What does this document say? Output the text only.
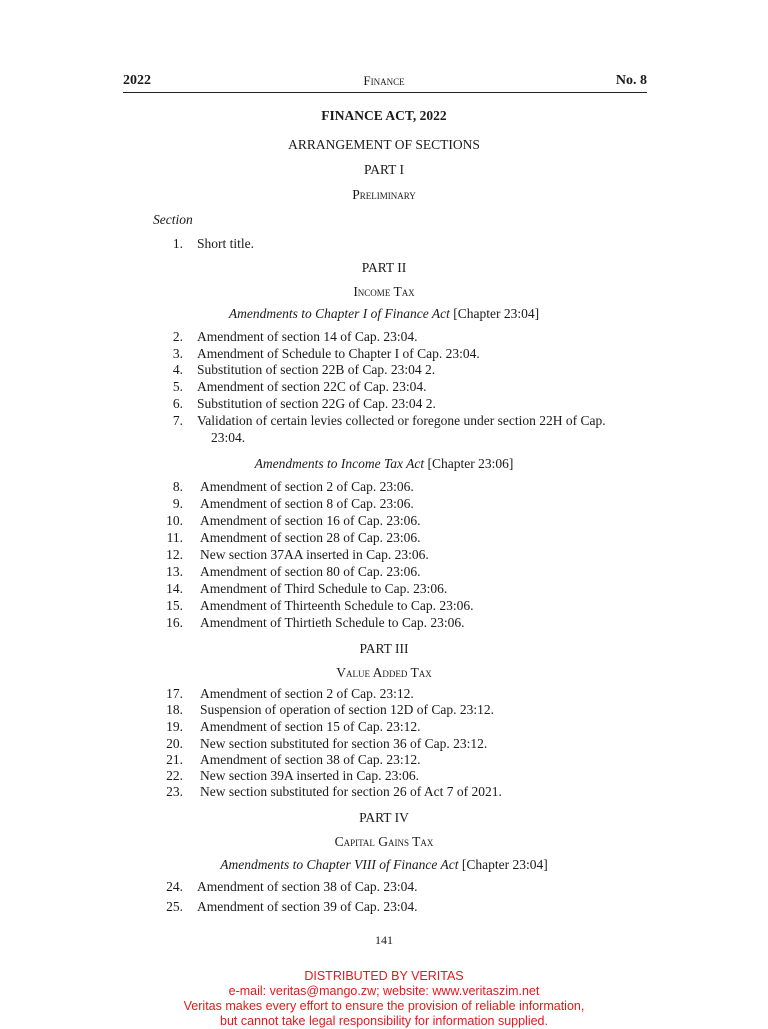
2022	Finance	No. 8
FINANCE ACT, 2022
ARRANGEMENT OF SECTIONS
PART I
Preliminary
Section
1. Short title.
2. Amendment of section 14 of Cap. 23:04.
3. Amendment of Schedule to Chapter I of Cap. 23:04.
4. Substitution of section 22B of Cap. 23:04 2.
5. Amendment of section 22C of Cap. 23:04.
6. Substitution of section 22G of Cap. 23:04 2.
7. Validation of certain levies collected or foregone under section 22H of Cap.
23:04.
8. Amendment of section 2 of Cap. 23:06.
9. Amendment of section 8 of Cap. 23:06.
10. Amendment of section 16 of Cap. 23:06.
11. Amendment of section 28 of Cap. 23:06.
12. New section 37AA inserted in Cap. 23:06.
13. Amendment of section 80 of Cap. 23:06.
14. Amendment of Third Schedule to Cap. 23:06.
15. Amendment of Thirteenth Schedule to Cap. 23:06.
16. Amendment of Thirtieth Schedule to Cap. 23:06.
17. Amendment of section 2 of Cap. 23:12.
18. Suspension of operation of section 12D of Cap. 23:12.
19. Amendment of section 15 of Cap. 23:12.
20. New section substituted for section 36 of Cap. 23:12.
21. Amendment of section 38 of Cap. 23:12.
22. New section 39A inserted in Cap. 23:06.
23. New section substituted for section 26 of Act 7 of 2021.
24. Amendment of section 38 of Cap. 23:04.
25. Amendment of section 39 of Cap. 23:04.
PART II
Income Tax
Amendments to Chapter I of Finance Act [Chapter 23:04]
Amendments to Income Tax Act [Chapter 23:06]
PART III
Value Added Tax
PART IV
Capital Gains Tax
Amendments to Chapter VIII of Finance Act [Chapter 23:04]
141
DISTRIBUTED BY VERITAS
e-mail: veritas@mango.zw; website: www.veritaszim.net
Veritas makes every effort to ensure the provision of reliable information,
but cannot take legal responsibility for information supplied.
